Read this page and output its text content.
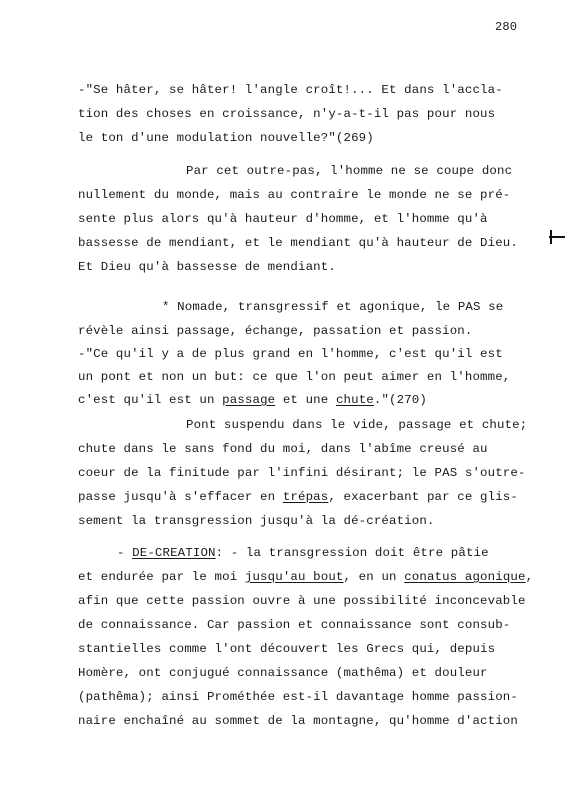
280
-"Se hâter, se hâter! l'angle croît!... Et dans l'accla-
tion des choses en croissance, n'y-a-t-il pas pour nous
le ton d'une modulation nouvelle?"(269)
Par cet outre-pas, l'homme ne se coupe donc
nullement du monde, mais au contraire le monde ne se pré-
sente plus alors qu'à hauteur d'homme, et l'homme qu'à
bassesse de mendiant, et le mendiant qu'à hauteur de Dieu.
Et Dieu qu'à bassesse de mendiant.
* Nomade, transgressif et agonique, le PAS se
révèle ainsi passage, échange, passation et passion.
-"Ce qu'il y a de plus grand en l'homme, c'est qu'il est
un pont et non un but: ce que l'on peut aimer en l'homme,
c'est qu'il est un passage et une chute."(270)
Pont suspendu dans le vide, passage et chute;
chute dans le sans fond du moi, dans l'abîme creusé au
coeur de la finitude par l'infini désirant; le PAS s'outre-
passe jusqu'à s'effacer en trépas, exacerbant par ce glis-
sement la transgression jusqu'à la dé-création.
- DE-CREATION: - la transgression doit être pâtie
et endurée par le moi jusqu'au bout, en un conatus agonique,
afin que cette passion ouvre à une possibilité inconcevable
de connaissance. Car passion et connaissance sont consub-
stantielles comme l'ont découvert les Grecs qui, depuis
Homère, ont conjugué connaissance (mathêma) et douleur
(pathêma); ainsi Prométhée est-il davantage homme passion-
naire enchaîné au sommet de la montagne, qu'homme d'action
